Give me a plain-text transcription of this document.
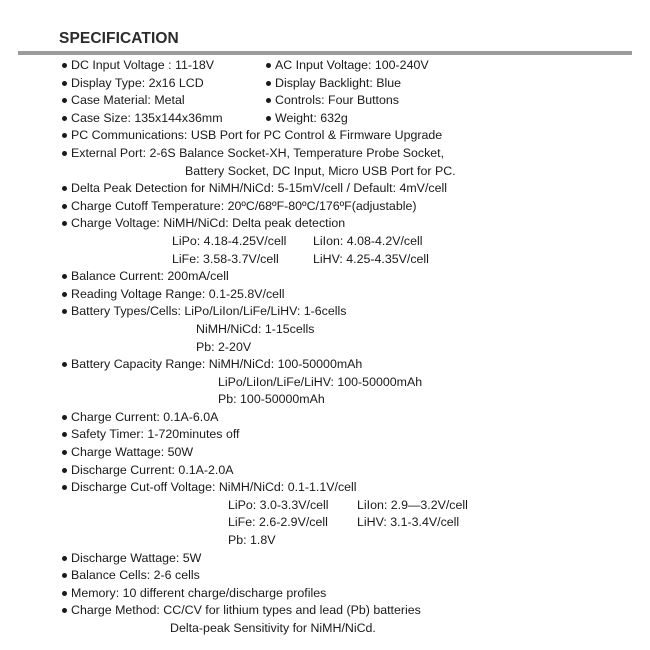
SPECIFICATION
DC Input Voltage : 11-18V	AC Input Voltage: 100-240V
Display Type: 2x16 LCD	Display Backlight: Blue
Case Material: Metal	Controls: Four Buttons
Case Size: 135x144x36mm	Weight: 632g
PC Communications: USB Port for PC Control & Firmware Upgrade
External Port: 2-6S Balance Socket-XH, Temperature Probe Socket,
Battery Socket, DC Input, Micro USB Port for PC.
Delta Peak Detection for NiMH/NiCd: 5-15mV/cell / Default: 4mV/cell
Charge Cutoff Temperature: 20ºC/68ºF-80ºC/176ºF(adjustable)
Charge Voltage: NiMH/NiCd: Delta peak detection
LiPo: 4.18-4.25V/cell LiIon: 4.08-4.2V/cell
LiFe: 3.58-3.7V/cell	LiHV: 4.25-4.35V/cell
Balance Current: 200mA/cell
Reading Voltage Range: 0.1-25.8V/cell
Battery Types/Cells: LiPo/LiIon/LiFe/LiHV: 1-6cells
NiMH/NiCd: 1-15cells
Pb: 2-20V
Battery Capacity Range: NiMH/NiCd: 100-50000mAh
LiPo/LiIon/LiFe/LiHV: 100-50000mAh
Pb: 100-50000mAh
Charge Current: 0.1A-6.0A
Safety Timer: 1-720minutes off
Charge Wattage: 50W
Discharge Current: 0.1A-2.0A
Discharge Cut-off Voltage: NiMH/NiCd: 0.1-1.1V/cell
LiPo: 3.0-3.3V/cell LiIon: 2.9—3.2V/cell
LiFe: 2.6-2.9V/cell LiHV: 3.1-3.4V/cell
Pb: 1.8V
Discharge Wattage: 5W
Balance Cells: 2-6 cells
Memory: 10 different charge/discharge profiles
Charge Method: CC/CV for lithium types and lead (Pb) batteries
Delta-peak Sensitivity for NiMH/NiCd.
